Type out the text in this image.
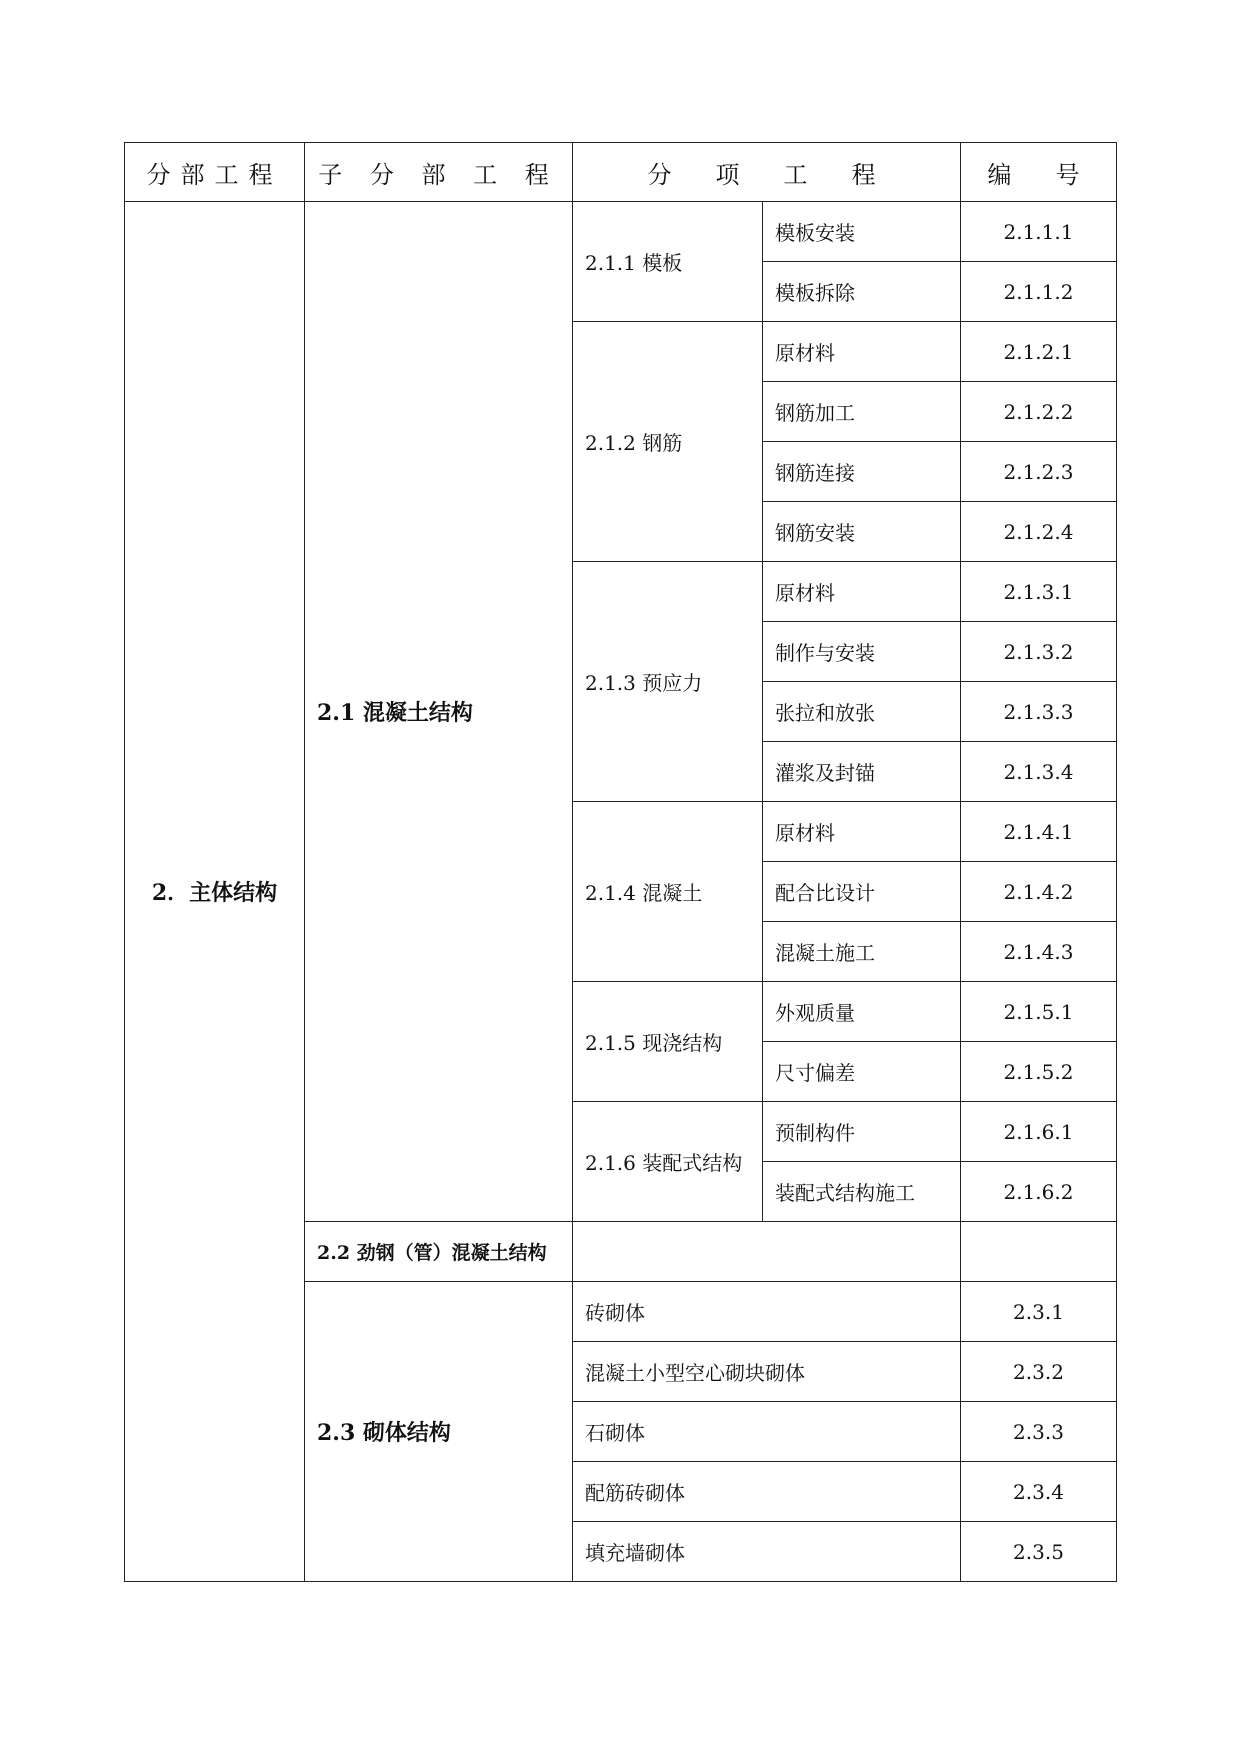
分部工程	子 分 部 工 程	分　项　工　程		编　号
2．主体结构	2.1 混凝土结构	2.1.1 模板	模板安装	2.1.1.1
			模板拆除	2.1.1.2
		2.1.2 钢筋	原材料	2.1.2.1
			钢筋加工	2.1.2.2
			钢筋连接	2.1.2.3
			钢筋安装	2.1.2.4
		2.1.3 预应力	原材料	2.1.3.1
			制作与安装	2.1.3.2
			张拉和放张	2.1.3.3
			灌浆及封锚	2.1.3.4
		2.1.4 混凝土	原材料	2.1.4.1
			配合比设计	2.1.4.2
			混凝土施工	2.1.4.3
		2.1.5 现浇结构	外观质量	2.1.5.1
			尺寸偏差	2.1.5.2
		2.1.6 装配式结构	预制构件	2.1.6.1
			装配式结构施工	2.1.6.2
	2.2 劲钢（管）混凝土结构			
	2.3 砌体结构	砖砌体		2.3.1
		混凝土小型空心砌块砌体		2.3.2
		石砌体		2.3.3
		配筋砖砌体		2.3.4
		填充墙砌体		2.3.5
